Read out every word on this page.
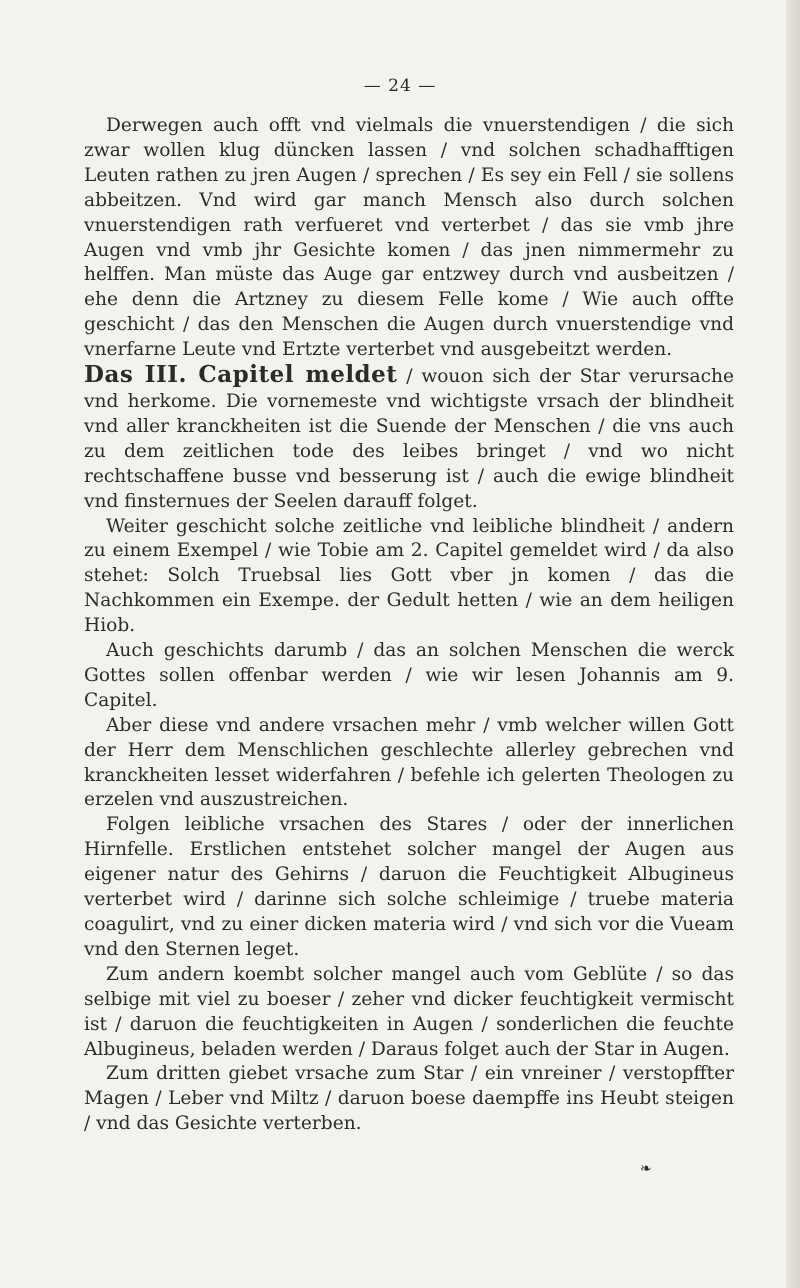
— 24 —

Derwegen auch offt vnd vielmals die vnuerstendigen / die sich zwar wollen klug düncken lassen / vnd solchen schadhafftigen Leuten rathen zu jren Augen / sprechen / Es sey ein Fell / sie sollens abbeitzen. Vnd wird gar manch Mensch also durch solchen vnuerstendigen rath verfueret vnd verterbet / das sie vmb jhre Augen vnd vmb jhr Gesichte komen / das jnen nimmermehr zu helffen. Man müste das Auge gar entzwey durch vnd ausbeitzen / ehe denn die Artzney zu diesem Felle kome / Wie auch offte geschicht / das den Menschen die Augen durch vnuerstendige vnd vnerfarne Leute vnd Ertzte verterbet vnd ausgebeitzt werden.

Das III. Capitel meldet / wouon sich der Star verursache vnd herkome. Die vornemeste vnd wichtigste vrsach der blindheit vnd aller kranckheiten ist die Suende der Menschen / die vns auch zu dem zeitlichen tode des leibes bringet / vnd wo nicht rechtschaffene busse vnd besserung ist / auch die ewige blindheit vnd finsternues der Seelen darauff folget.

Weiter geschicht solche zeitliche vnd leibliche blindheit / andern zu einem Exempel / wie Tobie am 2. Capitel gemeldet wird / da also stehet: Solch Truebsal lies Gott vber jn komen / das die Nachkommen ein Exempe. der Gedult hetten / wie an dem heiligen Hiob.

Auch geschichts darumb / das an solchen Menschen die werck Gottes sollen offenbar werden / wie wir lesen Johannis am 9. Capitel.

Aber diese vnd andere vrsachen mehr / vmb welcher willen Gott der Herr dem Menschlichen geschlechte allerley gebrechen vnd kranckheiten lesset widerfahren / befehle ich gelerten Theologen zu erzelen vnd auszustreichen.

Folgen leibliche vrsachen des Stares / oder der innerlichen Hirnfelle. Erstlichen entstehet solcher mangel der Augen aus eigener natur des Gehirns / daruon die Feuchtigkeit Albugineus verterbet wird / darinne sich solche schleimige / truebe materia coagulirt, vnd zu einer dicken materia wird / vnd sich vor die Vueam vnd den Sternen leget.

Zum andern koembt solcher mangel auch vom Geblüte / so das selbige mit viel zu boeser / zeher vnd dicker feuchtigkeit vermischt ist / daruon die feuchtigkeiten in Augen / sonderlichen die feuchte Albugineus, beladen werden / Daraus folget auch der Star in Augen.

Zum dritten giebet vrsache zum Star / ein vnreiner / verstopffter Magen / Leber vnd Miltz / daruon boese daempffe ins Heubt steigen / vnd das Gesichte verterben.

❧
